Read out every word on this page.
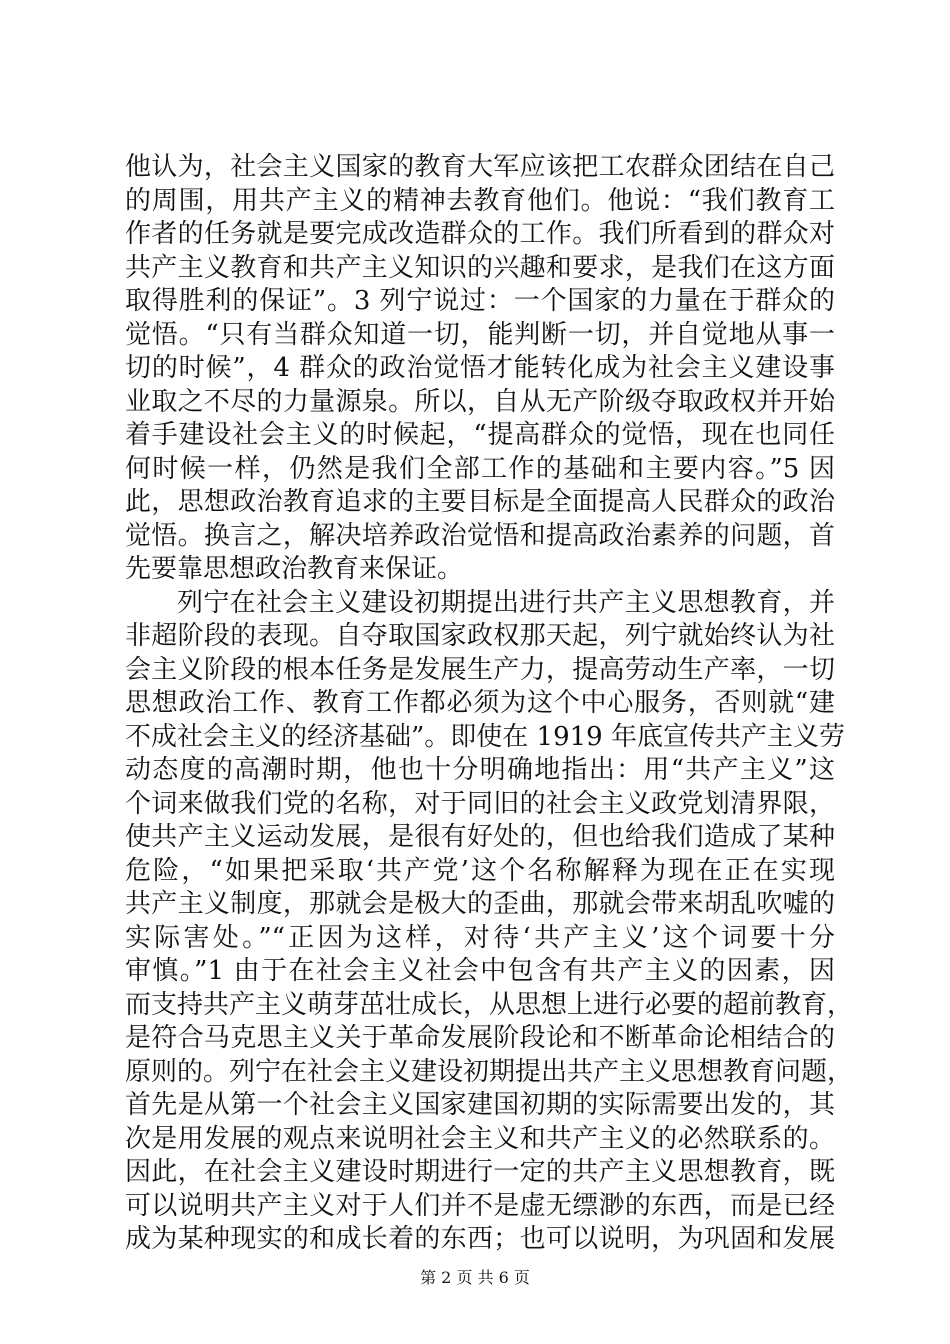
他认为，社会主义国家的教育大军应该把工农群众团结在自己
的周围，用共产主义的精神去教育他们。他说：“我们教育工
作者的任务就是要完成改造群众的工作。我们所看到的群众对
共产主义教育和共产主义知识的兴趣和要求，是我们在这方面
取得胜利的保证”。3 列宁说过：一个国家的力量在于群众的
觉悟。“只有当群众知道一切，能判断一切，并自觉地从事一
切的时候”，4 群众的政治觉悟才能转化成为社会主义建设事
业取之不尽的力量源泉。所以，自从无产阶级夺取政权并开始
着手建设社会主义的时候起，“提高群众的觉悟，现在也同任
何时候一样，仍然是我们全部工作的基础和主要内容。”5 因
此，思想政治教育追求的主要目标是全面提高人民群众的政治
觉悟。换言之，解决培养政治觉悟和提高政治素养的问题，首
先要靠思想政治教育来保证。
列宁在社会主义建设初期提出进行共产主义思想教育，并
非超阶段的表现。自夺取国家政权那天起，列宁就始终认为社
会主义阶段的根本任务是发展生产力，提高劳动生产率，一切
思想政治工作、教育工作都必须为这个中心服务，否则就“建
不成社会主义的经济基础”。即使在 1919 年底宣传共产主义劳
动态度的高潮时期，他也十分明确地指出：用“共产主义”这
个词来做我们党的名称，对于同旧的社会主义政党划清界限，
使共产主义运动发展，是很有好处的，但也给我们造成了某种
危险，“如果把采取‘共产党’这个名称解释为现在正在实现
共产主义制度，那就会是极大的歪曲，那就会带来胡乱吹嘘的
实际害处。”“正因为这样，对待‘共产主义’这个词要十分
审慎。”1 由于在社会主义社会中包含有共产主义的因素，因
而支持共产主义萌芽茁壮成长，从思想上进行必要的超前教育，
是符合马克思主义关于革命发展阶段论和不断革命论相结合的
原则的。列宁在社会主义建设初期提出共产主义思想教育问题，
首先是从第一个社会主义国家建国初期的实际需要出发的，其
次是用发展的观点来说明社会主义和共产主义的必然联系的。
因此，在社会主义建设时期进行一定的共产主义思想教育，既
可以说明共产主义对于人们并不是虚无缥渺的东西，而是已经
成为某种现实的和成长着的东西；也可以说明，为巩固和发展
第 2 页 共 6 页
